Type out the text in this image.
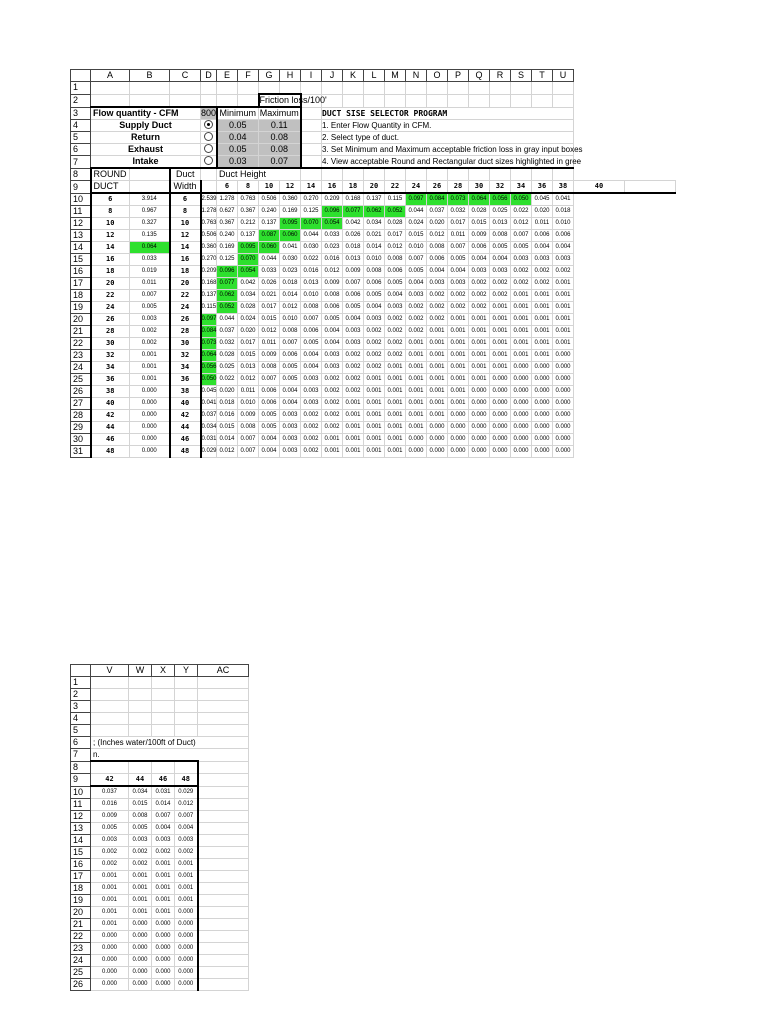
	A	B	C	D	E	F	G	H	I	J	K	L	M	N	O	P	Q	R	S	T	U		
1																							
2							Friction loss/100'																
3	Flow quantity - CFM			800	Minimum		Maximum			DUCT SISE SELECTOR PROGRAM													
4	Supply Duct				0.05		0.11			1. Enter Flow Quantity in CFM.													
5	Return				0.04		0.08			2. Select type of duct.													
6	Exhaust				0.05		0.08			3. Set Minimum and Maximum acceptable friction loss in gray input boxes													
7	Intake				0.03		0.07			4. View acceptable Round and Rectangular duct sizes highlighted in gree													
8	ROUND		Duct		Duct Height																		
9	DUCT		Width		6	8	10	12	14	16	18	20	22	24	26	28	30	32	34	36	38	40	
10	6	3.914	6	2.539	1.278	0.763	0.506	0.360	0.270	0.209	0.168	0.137	0.115	0.097	0.084	0.073	0.064	0.056	0.050	0.045	0.041		
11	8	0.967	8	1.278	0.627	0.367	0.240	0.169	0.125	0.096	0.077	0.062	0.052	0.044	0.037	0.032	0.028	0.025	0.022	0.020	0.018		
12	10	0.327	10	0.763	0.367	0.212	0.137	0.095	0.070	0.054	0.042	0.034	0.028	0.024	0.020	0.017	0.015	0.013	0.012	0.011	0.010		
13	12	0.135	12	0.506	0.240	0.137	0.087	0.060	0.044	0.033	0.026	0.021	0.017	0.015	0.012	0.011	0.009	0.008	0.007	0.006	0.006		
14	14	0.064	14	0.360	0.169	0.095	0.060	0.041	0.030	0.023	0.018	0.014	0.012	0.010	0.008	0.007	0.006	0.005	0.005	0.004	0.004		
15	16	0.033	16	0.270	0.125	0.070	0.044	0.030	0.022	0.016	0.013	0.010	0.008	0.007	0.006	0.005	0.004	0.004	0.003	0.003	0.003		
16	18	0.019	18	0.209	0.096	0.054	0.033	0.023	0.016	0.012	0.009	0.008	0.006	0.005	0.004	0.004	0.003	0.003	0.002	0.002	0.002		
17	20	0.011	20	0.168	0.077	0.042	0.026	0.018	0.013	0.009	0.007	0.006	0.005	0.004	0.003	0.003	0.002	0.002	0.002	0.002	0.001		
18	22	0.007	22	0.137	0.062	0.034	0.021	0.014	0.010	0.008	0.006	0.005	0.004	0.003	0.002	0.002	0.002	0.002	0.001	0.001	0.001		
19	24	0.005	24	0.115	0.052	0.028	0.017	0.012	0.008	0.006	0.005	0.004	0.003	0.002	0.002	0.002	0.002	0.001	0.001	0.001	0.001		
20	26	0.003	26	0.097	0.044	0.024	0.015	0.010	0.007	0.005	0.004	0.003	0.002	0.002	0.002	0.001	0.001	0.001	0.001	0.001	0.001		
21	28	0.002	28	0.084	0.037	0.020	0.012	0.008	0.006	0.004	0.003	0.002	0.002	0.002	0.001	0.001	0.001	0.001	0.001	0.001	0.001		
22	30	0.002	30	0.073	0.032	0.017	0.011	0.007	0.005	0.004	0.003	0.002	0.002	0.001	0.001	0.001	0.001	0.001	0.001	0.001	0.001		
23	32	0.001	32	0.064	0.028	0.015	0.009	0.006	0.004	0.003	0.002	0.002	0.002	0.001	0.001	0.001	0.001	0.001	0.001	0.001	0.000		
24	34	0.001	34	0.056	0.025	0.013	0.008	0.005	0.004	0.003	0.002	0.002	0.001	0.001	0.001	0.001	0.001	0.001	0.000	0.000	0.000		
25	36	0.001	36	0.050	0.022	0.012	0.007	0.005	0.003	0.002	0.002	0.001	0.001	0.001	0.001	0.001	0.001	0.000	0.000	0.000	0.000		
26	38	0.000	38	0.045	0.020	0.011	0.006	0.004	0.003	0.002	0.002	0.001	0.001	0.001	0.001	0.001	0.000	0.000	0.000	0.000	0.000		
27	40	0.000	40	0.041	0.018	0.010	0.006	0.004	0.003	0.002	0.001	0.001	0.001	0.001	0.001	0.001	0.000	0.000	0.000	0.000	0.000		
28	42	0.000	42	0.037	0.016	0.009	0.005	0.003	0.002	0.002	0.001	0.001	0.001	0.001	0.001	0.000	0.000	0.000	0.000	0.000	0.000		
29	44	0.000	44	0.034	0.015	0.008	0.005	0.003	0.002	0.002	0.001	0.001	0.001	0.001	0.000	0.000	0.000	0.000	0.000	0.000	0.000		
30	46	0.000	46	0.031	0.014	0.007	0.004	0.003	0.002	0.001	0.001	0.001	0.001	0.000	0.000	0.000	0.000	0.000	0.000	0.000	0.000		
31	48	0.000	48	0.029	0.012	0.007	0.004	0.003	0.002	0.001	0.001	0.001	0.001	0.000	0.000	0.000	0.000	0.000	0.000	0.000	0.000		
	V	W	X	Y	AC
1					
2					
3					
4					
5					
6	; (Inches water/100ft of Duct)				
7	n.				
8					
9	42	44	46	48	
10	0.037	0.034	0.031	0.029	
11	0.016	0.015	0.014	0.012	
12	0.009	0.008	0.007	0.007	
13	0.005	0.005	0.004	0.004	
14	0.003	0.003	0.003	0.003	
15	0.002	0.002	0.002	0.002	
16	0.002	0.002	0.001	0.001	
17	0.001	0.001	0.001	0.001	
18	0.001	0.001	0.001	0.001	
19	0.001	0.001	0.001	0.001	
20	0.001	0.001	0.001	0.000	
21	0.001	0.000	0.000	0.000	
22	0.000	0.000	0.000	0.000	
23	0.000	0.000	0.000	0.000	
24	0.000	0.000	0.000	0.000	
25	0.000	0.000	0.000	0.000	
26	0.000	0.000	0.000	0.000	
